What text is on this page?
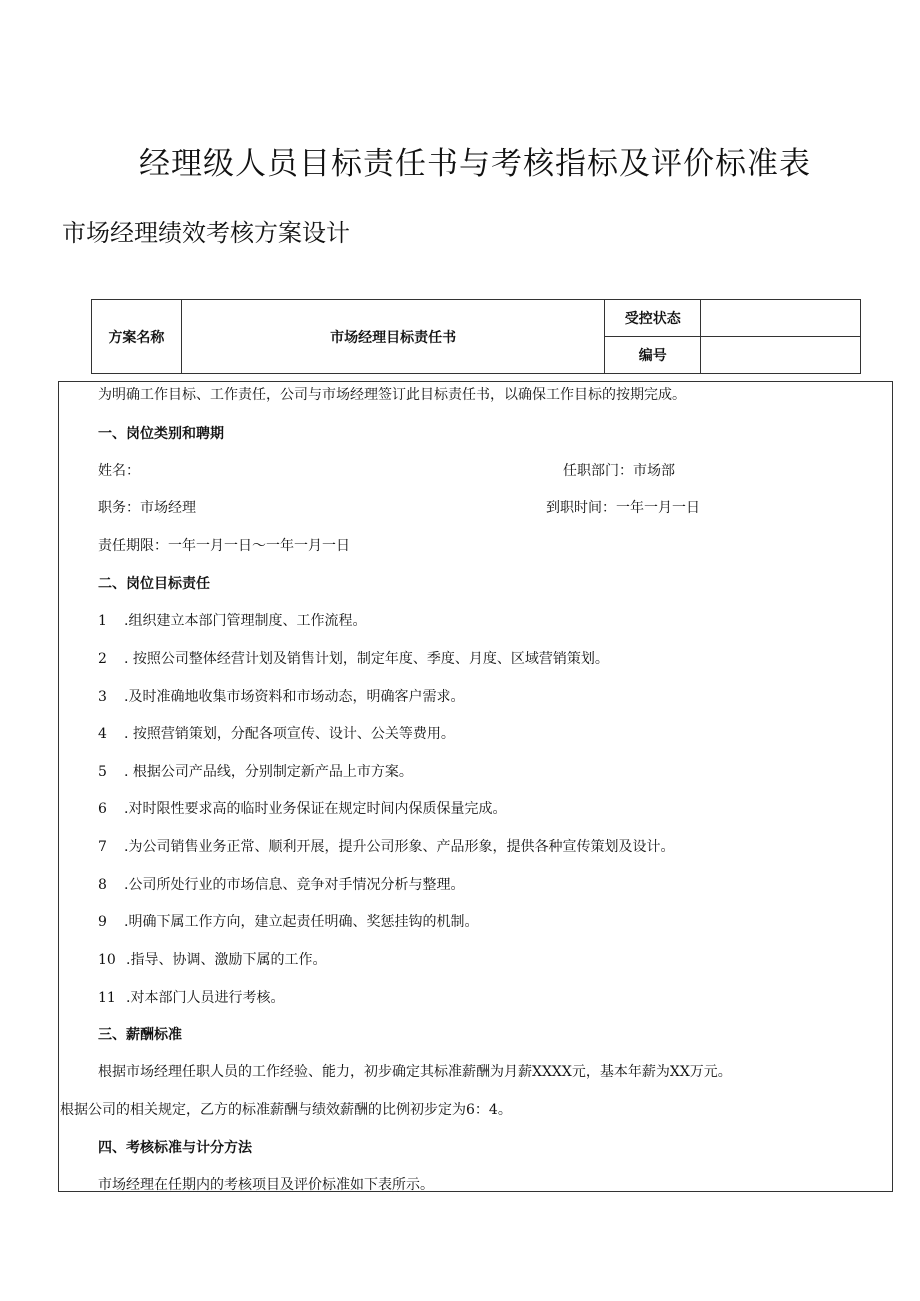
经理级人员目标责任书与考核指标及评价标准表
市场经理绩效考核方案设计
方案名称	市场经理目标责任书	受控状态	
		编号	
为明确工作目标、工作责任，公司与市场经理签订此目标责任书，以确保工作目标的按期完成。
一、岗位类别和聘期
姓名：	任职部门：市场部
职务：市场经理	到职时间：一年一月一日
责任期限：一年一月一日～一年一月一日
二、岗位目标责任
1 .组织建立本部门管理制度、工作流程。
2 . 按照公司整体经营计划及销售计划，制定年度、季度、月度、区域营销策划。
3 .及时准确地收集市场资料和市场动态，明确客户需求。
4 . 按照营销策划，分配各项宣传、设计、公关等费用。
5 . 根据公司产品线，分别制定新产品上市方案。
6 .对时限性要求高的临时业务保证在规定时间内保质保量完成。
7 .为公司销售业务正常、顺利开展，提升公司形象、产品形象，提供各种宣传策划及设计。
8 .公司所处行业的市场信息、竞争对手情况分析与整理。
9 .明确下属工作方向，建立起责任明确、奖惩挂钩的机制。
10 .指导、协调、激励下属的工作。
11 .对本部门人员进行考核。
三、薪酬标准
根据市场经理任职人员的工作经验、能力，初步确定其标准薪酬为月薪XXXX元，基本年薪为XX万元。
根据公司的相关规定，乙方的标准薪酬与绩效薪酬的比例初步定为6：4。
四、考核标准与计分方法
市场经理在任期内的考核项目及评价标准如下表所示。
